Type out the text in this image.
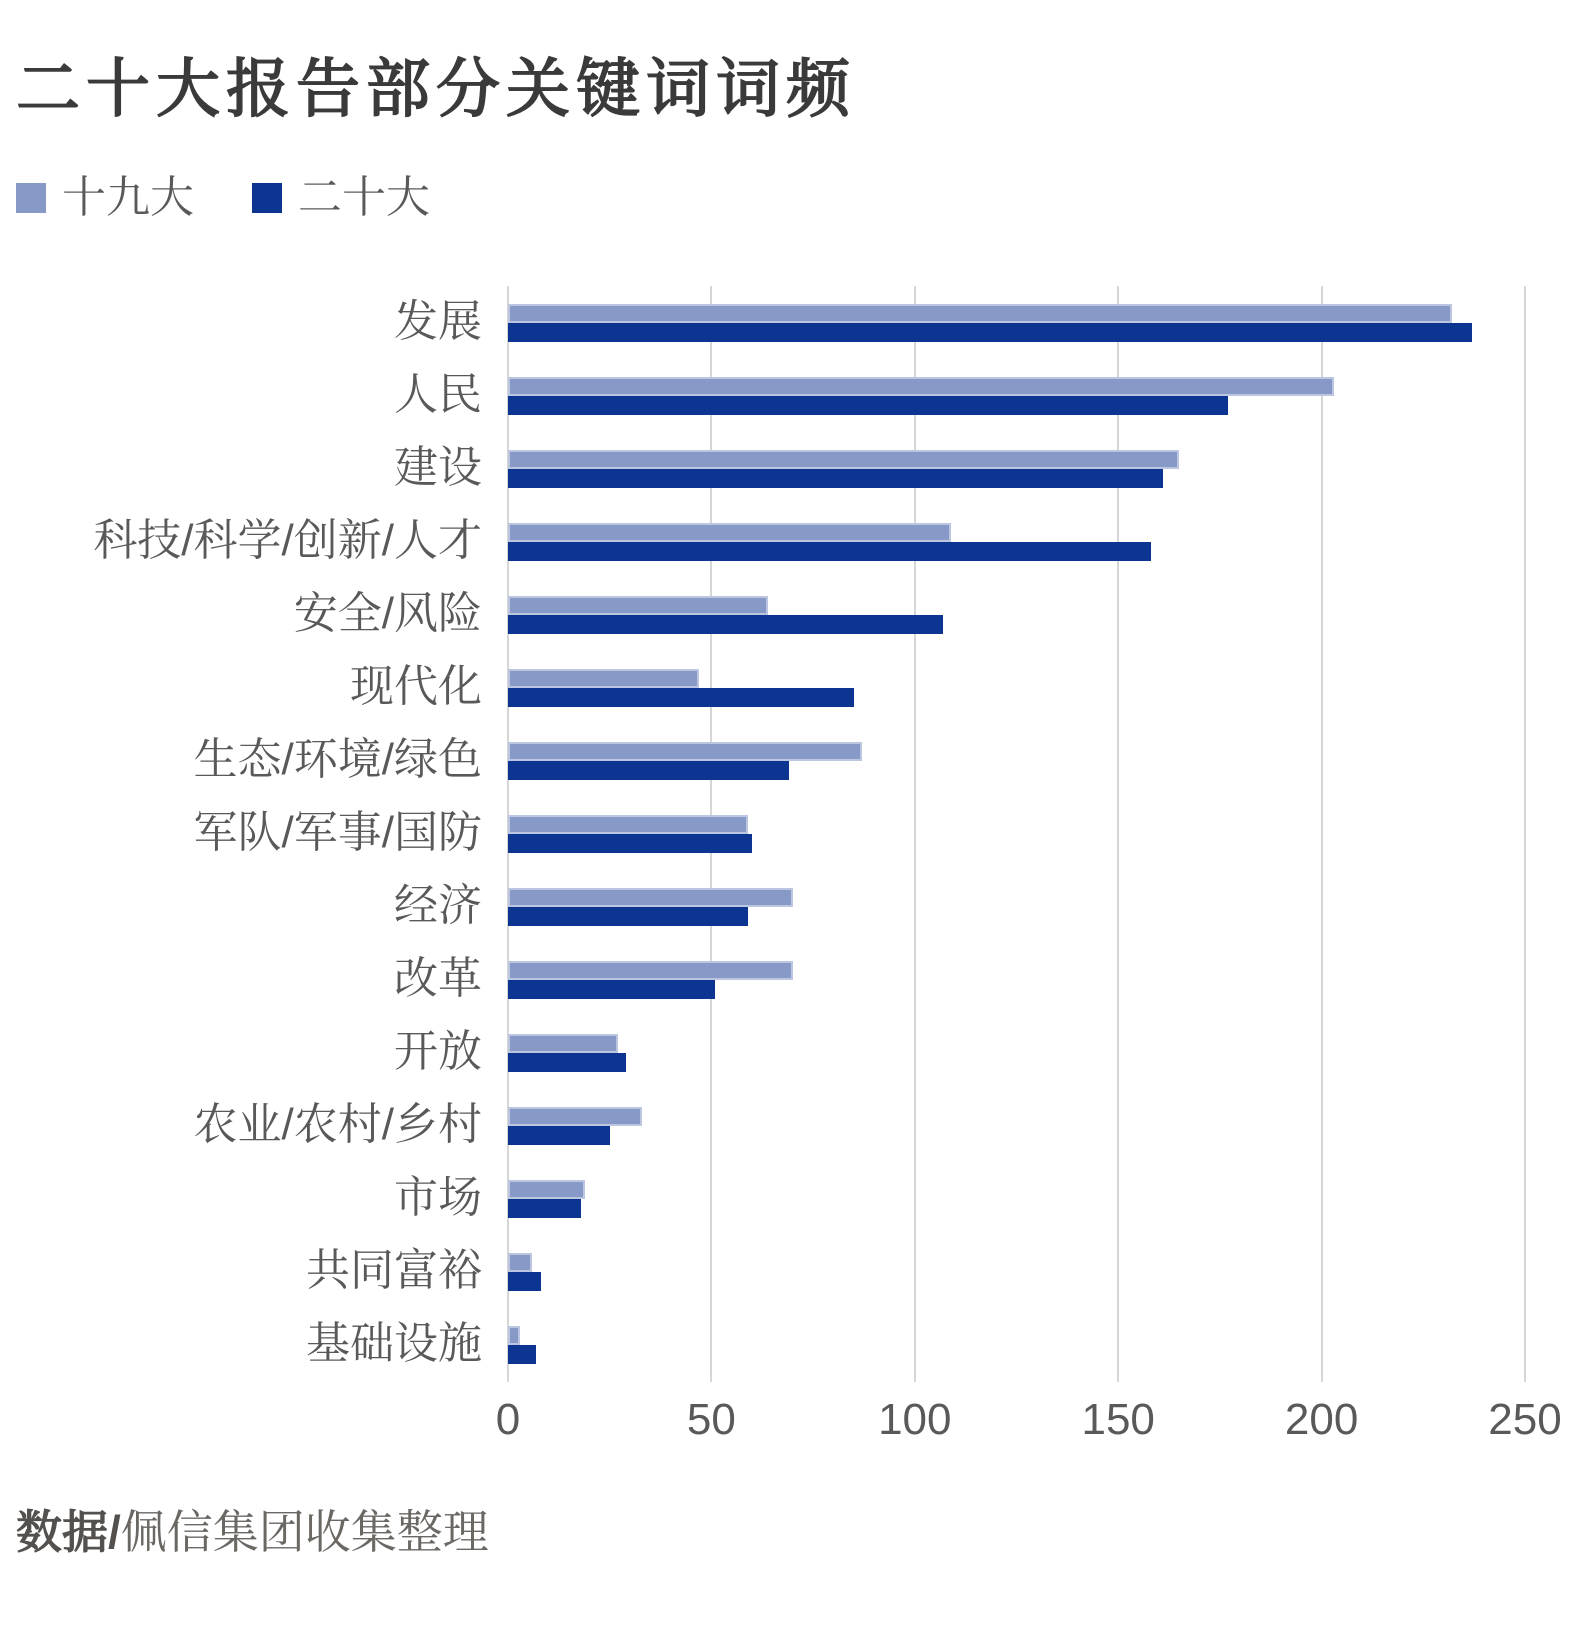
二十大报告部分关键词词频
十九大 二十大
发展
人民
建设
科技/科学/创新/人才
安全/风险
现代化
生态/环境/绿色
军队/军事/国防
经济
改革
开放
农业/农村/乡村
市场
共同富裕
基础设施
0	50	100	150	200	250
数据/佩信集团收集整理
